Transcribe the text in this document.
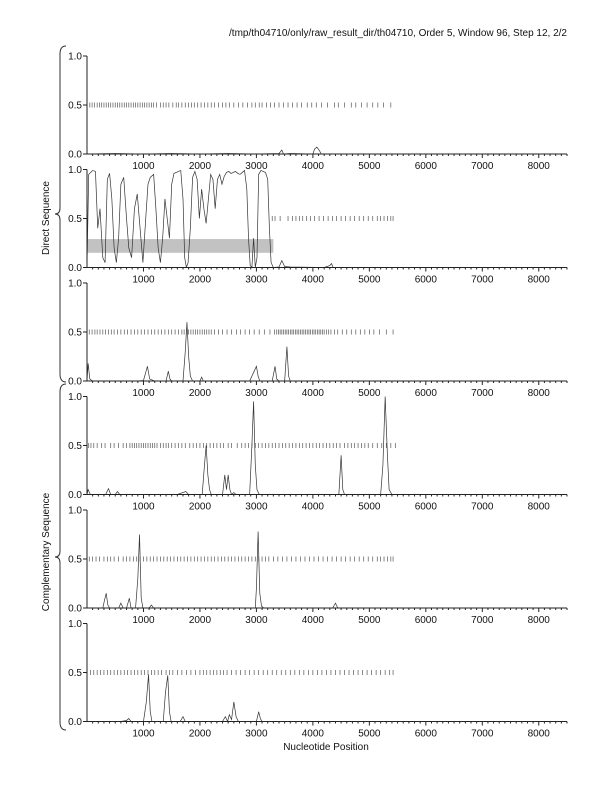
/tmp/th04710/only/raw_result_dir/th04710, Order 5, Window 96, Step 12, 2/2
0.0
0.5
1.0
1000	2000	3000	4000	5000	6000	7000	8000
0.0
0.5
1.0
1000	2000	3000	4000	5000	6000	7000	8000
0.0
0.5
1.0
1000	2000	3000	4000	5000	6000	7000	8000
0.0
0.5
1.0
1000	2000	3000	4000	5000	6000	7000	8000
0.0
0.5
1.0
1000	2000	3000	4000	5000	6000	7000	8000
0.0
0.5
1.0
1000	2000	3000	4000	5000	6000	7000	8000
Direct Sequence
Complementary Sequence
Nucleotide Position
